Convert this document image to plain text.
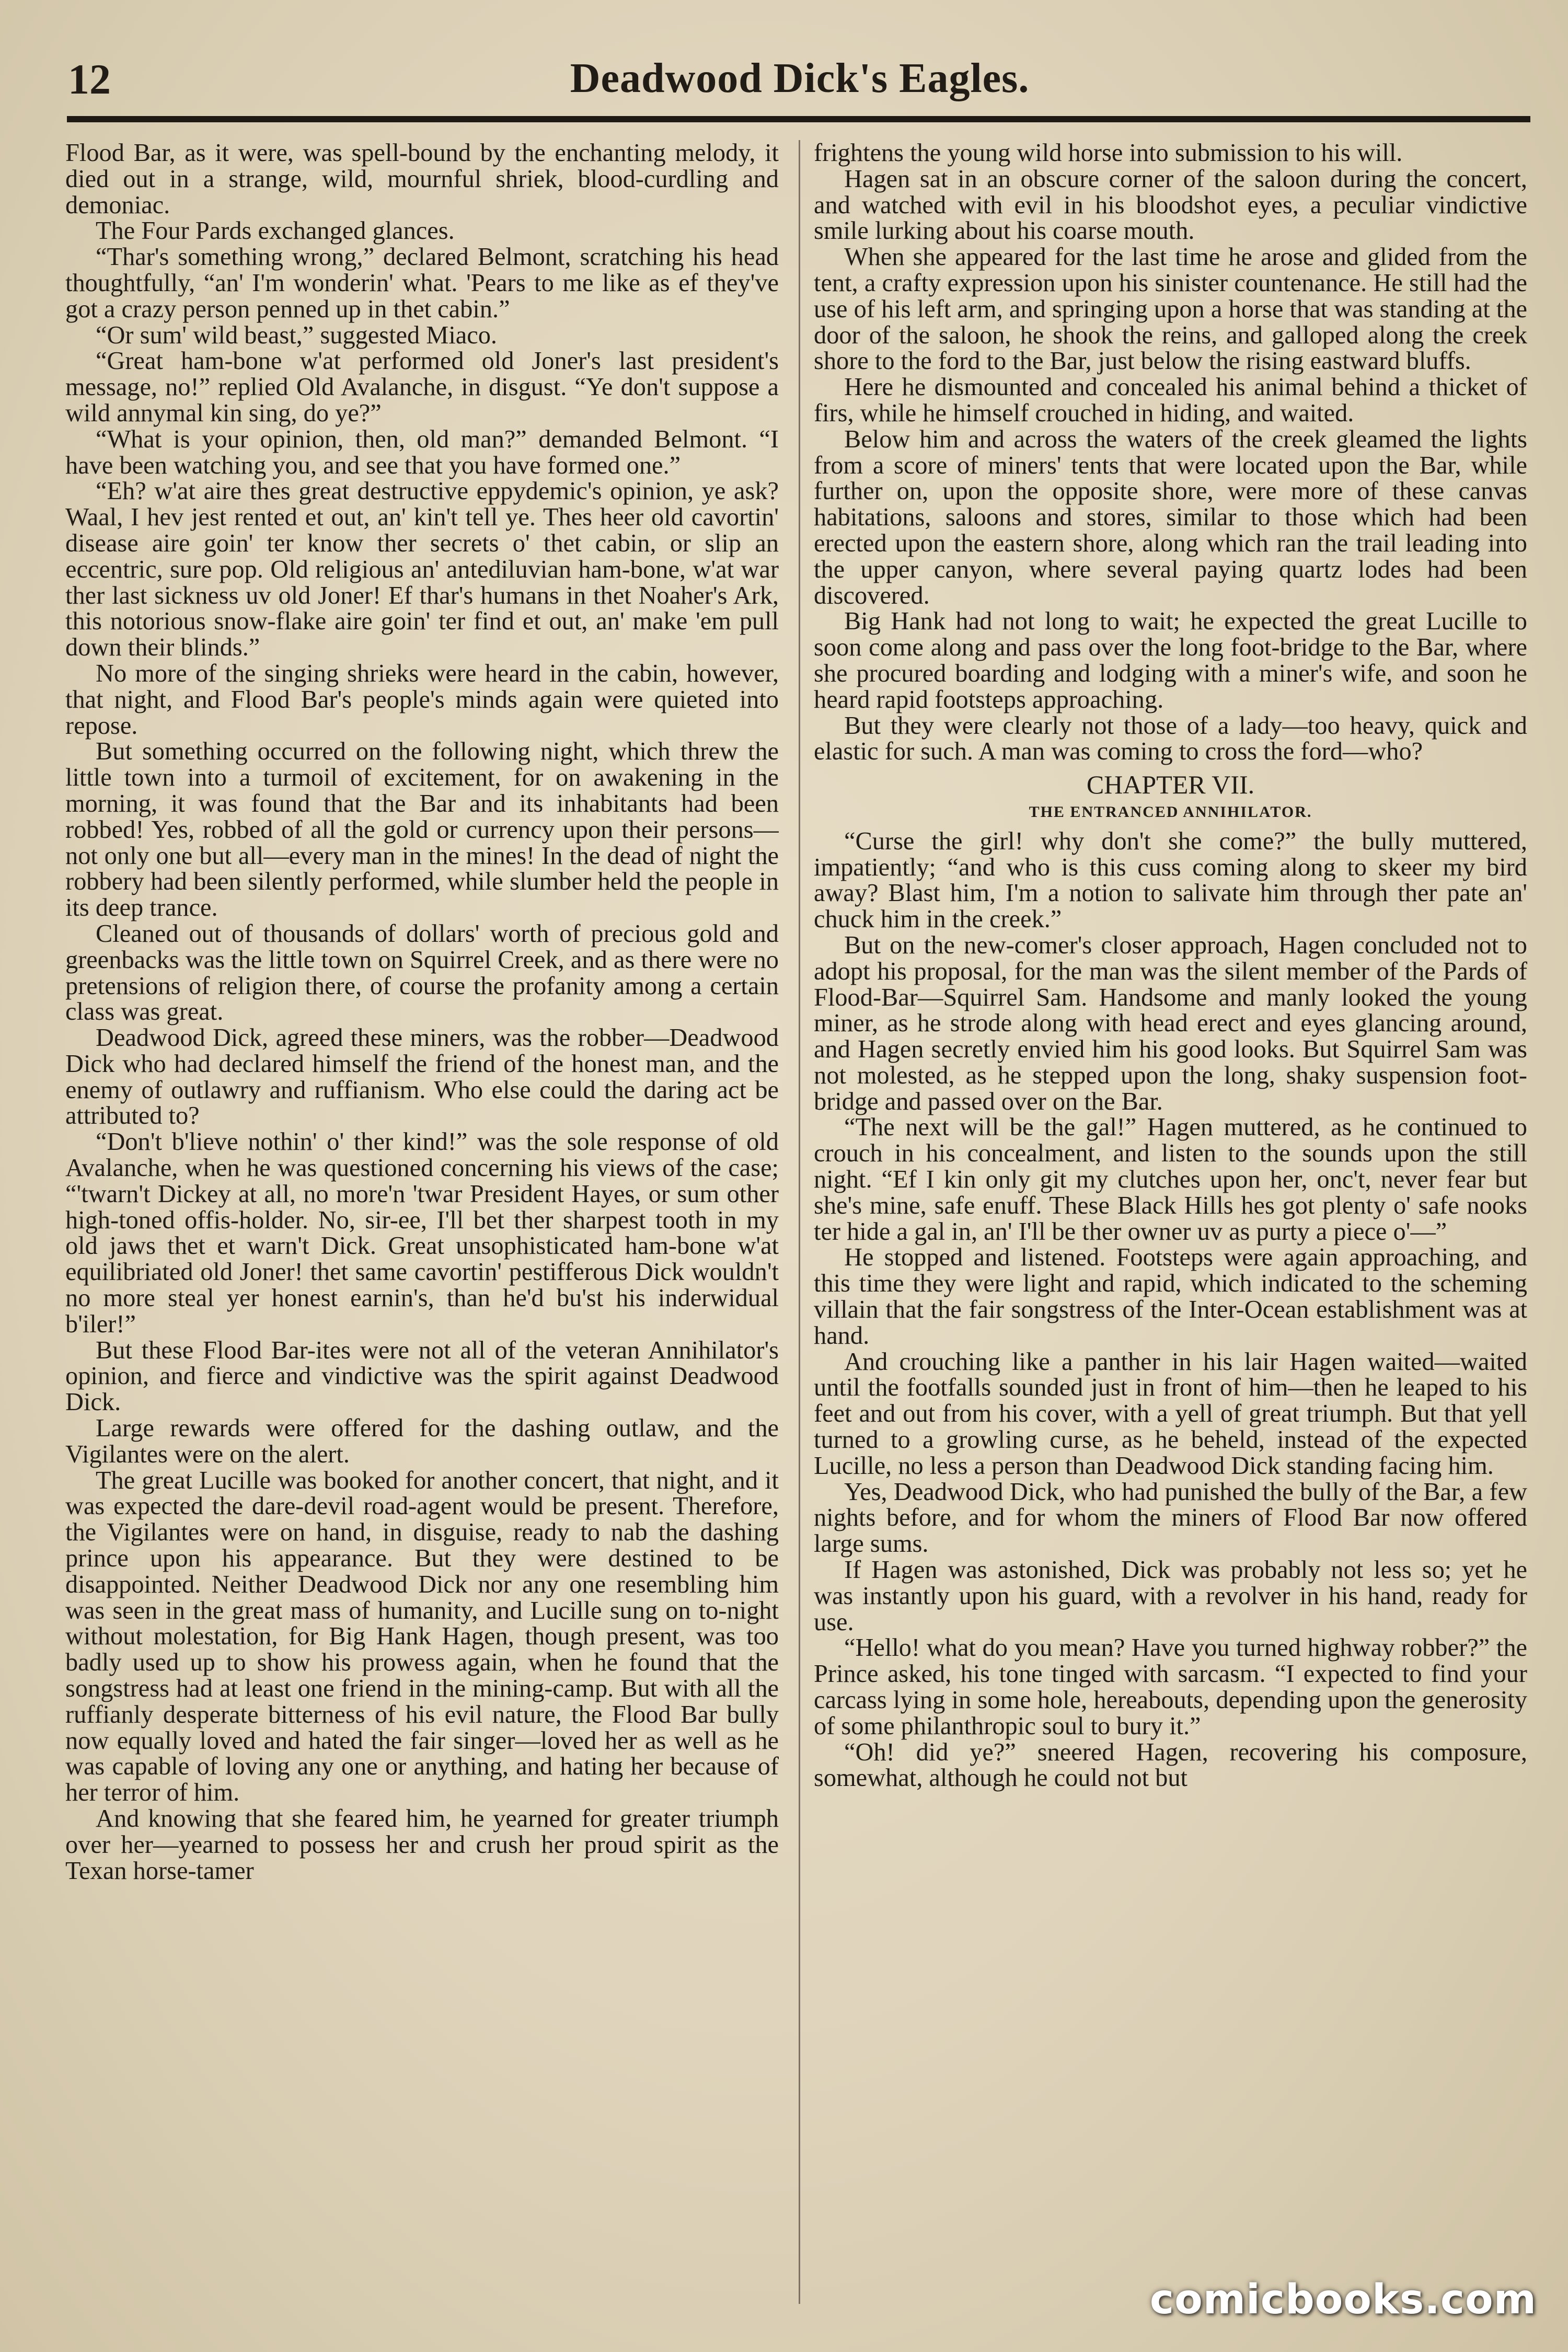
12	Deadwood Dick's Eagles.

Flood Bar, as it were, was spell-bound by the enchanting melody, it died out in a strange, wild, mournful shriek, blood-curdling and demoniac.

The Four Pards exchanged glances.

“Thar's something wrong,” declared Belmont, scratching his head thoughtfully, “an' I'm wonderin' what. 'Pears to me like as ef they've got a crazy person penned up in thet cabin.”

“Or sum' wild beast,” suggested Miaco.

“Great ham-bone w'at performed old Joner's last president's message, no!” replied Old Avalanche, in disgust. “Ye don't suppose a wild annymal kin sing, do ye?”

“What is your opinion, then, old man?” demanded Belmont. “I have been watching you, and see that you have formed one.”

“Eh? w'at aire thes great destructive eppydemic's opinion, ye ask? Waal, I hev jest rented et out, an' kin't tell ye. Thes heer old cavortin' disease aire goin' ter know ther secrets o' thet cabin, or slip an eccentric, sure pop. Old religious an' antediluvian ham-bone, w'at war ther last sickness uv old Joner! Ef thar's humans in thet Noaher's Ark, this notorious snow-flake aire goin' ter find et out, an' make 'em pull down their blinds.”

No more of the singing shrieks were heard in the cabin, however, that night, and Flood Bar's people's minds again were quieted into repose.

But something occurred on the following night, which threw the little town into a turmoil of excitement, for on awakening in the morning, it was found that the Bar and its inhabitants had been robbed! Yes, robbed of all the gold or currency upon their persons—not only one but all—every man in the mines! In the dead of night the robbery had been silently performed, while slumber held the people in its deep trance.

Cleaned out of thousands of dollars' worth of precious gold and greenbacks was the little town on Squirrel Creek, and as there were no pretensions of religion there, of course the profanity among a certain class was great.

Deadwood Dick, agreed these miners, was the robber—Deadwood Dick who had declared himself the friend of the honest man, and the enemy of outlawry and ruffianism. Who else could the daring act be attributed to?

“Don't b'lieve nothin' o' ther kind!” was the sole response of old Avalanche, when he was questioned concerning his views of the case; “'twarn't Dickey at all, no more'n 'twar President Hayes, or sum other high-toned offis-holder. No, sir-ee, I'll bet ther sharpest tooth in my old jaws thet et warn't Dick. Great unsophisticated ham-bone w'at equilibriated old Joner! thet same cavortin' pestifferous Dick wouldn't no more steal yer honest earnin's, than he'd bu'st his inderwidual b'iler!”

But these Flood Bar-ites were not all of the veteran Annihilator's opinion, and fierce and vindictive was the spirit against Deadwood Dick.

Large rewards were offered for the dashing outlaw, and the Vigilantes were on the alert.

The great Lucille was booked for another concert, that night, and it was expected the dare-devil road-agent would be present. Therefore, the Vigilantes were on hand, in disguise, ready to nab the dashing prince upon his appearance. But they were destined to be disappointed. Neither Deadwood Dick nor any one resembling him was seen in the great mass of humanity, and Lucille sung on to-night without molestation, for Big Hank Hagen, though present, was too badly used up to show his prowess again, when he found that the songstress had at least one friend in the mining-camp. But with all the ruffianly desperate bitterness of his evil nature, the Flood Bar bully now equally loved and hated the fair singer—loved her as well as he was capable of loving any one or anything, and hating her because of her terror of him.

And knowing that she feared him, he yearned for greater triumph over her—yearned to possess her and crush her proud spirit as the Texan horse-tamer

frightens the young wild horse into submission to his will.

Hagen sat in an obscure corner of the saloon during the concert, and watched with evil in his bloodshot eyes, a peculiar vindictive smile lurking about his coarse mouth.

When she appeared for the last time he arose and glided from the tent, a crafty expression upon his sinister countenance. He still had the use of his left arm, and springing upon a horse that was standing at the door of the saloon, he shook the reins, and galloped along the creek shore to the ford to the Bar, just below the rising eastward bluffs.

Here he dismounted and concealed his animal behind a thicket of firs, while he himself crouched in hiding, and waited.

Below him and across the waters of the creek gleamed the lights from a score of miners' tents that were located upon the Bar, while further on, upon the opposite shore, were more of these canvas habitations, saloons and stores, similar to those which had been erected upon the eastern shore, along which ran the trail leading into the upper canyon, where several paying quartz lodes had been discovered.

Big Hank had not long to wait; he expected the great Lucille to soon come along and pass over the long foot-bridge to the Bar, where she procured boarding and lodging with a miner's wife, and soon he heard rapid footsteps approaching.

But they were clearly not those of a lady—too heavy, quick and elastic for such. A man was coming to cross the ford—who?

CHAPTER VII.
THE ENTRANCED ANNIHILATOR.

“Curse the girl! why don't she come?” the bully muttered, impatiently; “and who is this cuss coming along to skeer my bird away? Blast him, I'm a notion to salivate him through ther pate an' chuck him in the creek.”

But on the new-comer's closer approach, Hagen concluded not to adopt his proposal, for the man was the silent member of the Pards of Flood-Bar—Squirrel Sam. Handsome and manly looked the young miner, as he strode along with head erect and eyes glancing around, and Hagen secretly envied him his good looks. But Squirrel Sam was not molested, as he stepped upon the long, shaky suspension foot-bridge and passed over on the Bar.

“The next will be the gal!” Hagen muttered, as he continued to crouch in his concealment, and listen to the sounds upon the still night. “Ef I kin only git my clutches upon her, onc't, never fear but she's mine, safe enuff. These Black Hills hes got plenty o' safe nooks ter hide a gal in, an' I'll be ther owner uv as purty a piece o'—”

He stopped and listened. Footsteps were again approaching, and this time they were light and rapid, which indicated to the scheming villain that the fair songstress of the Inter-Ocean establishment was at hand.

And crouching like a panther in his lair Hagen waited—waited until the footfalls sounded just in front of him—then he leaped to his feet and out from his cover, with a yell of great triumph. But that yell turned to a growling curse, as he beheld, instead of the expected Lucille, no less a person than Deadwood Dick standing facing him.

Yes, Deadwood Dick, who had punished the bully of the Bar, a few nights before, and for whom the miners of Flood Bar now offered large sums.

If Hagen was astonished, Dick was probably not less so; yet he was instantly upon his guard, with a revolver in his hand, ready for use.

“Hello! what do you mean? Have you turned highway robber?” the Prince asked, his tone tinged with sarcasm. “I expected to find your carcass lying in some hole, hereabouts, depending upon the generosity of some philanthropic soul to bury it.”

“Oh! did ye?” sneered Hagen, recovering his composure, somewhat, although he could not but

comicbooks.com
